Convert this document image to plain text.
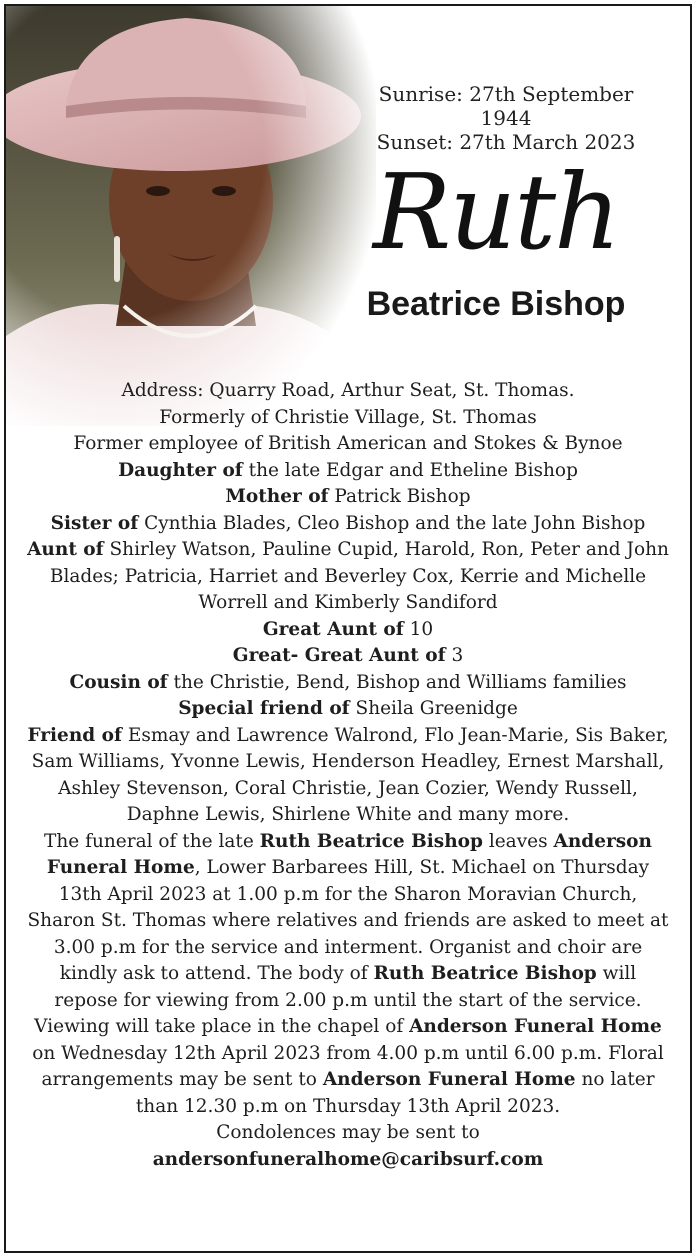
Sunrise: 27th September 1944
Sunset: 27th March 2023
Ruth
Beatrice Bishop

Address: Quarry Road, Arthur Seat, St. Thomas.

Formerly of Christie Village, St. Thomas

Former employee of British American and Stokes & Bynoe

Daughter of the late Edgar and Etheline Bishop

Mother of Patrick Bishop

Sister of Cynthia Blades, Cleo Bishop and the late John Bishop

Aunt of Shirley Watson, Pauline Cupid, Harold, Ron, Peter and John Blades; Patricia, Harriet and Beverley Cox, Kerrie and Michelle Worrell and Kimberly Sandiford

Great Aunt of 10

Great- Great Aunt of 3

Cousin of the Christie, Bend, Bishop and Williams families

Special friend of Sheila Greenidge

Friend of Esmay and Lawrence Walrond, Flo Jean-Marie, Sis Baker, Sam Williams, Yvonne Lewis, Henderson Headley, Ernest Marshall, Ashley Stevenson, Coral Christie, Jean Cozier, Wendy Russell, Daphne Lewis, Shirlene White and many more.

The funeral of the late Ruth Beatrice Bishop leaves Anderson Funeral Home, Lower Barbarees Hill, St. Michael on Thursday 13th April 2023 at 1.00 p.m for the Sharon Moravian Church, Sharon St. Thomas where relatives and friends are asked to meet at 3.00 p.m for the service and interment. Organist and choir are kindly ask to attend. The body of Ruth Beatrice Bishop will repose for viewing from 2.00 p.m until the start of the service. Viewing will take place in the chapel of Anderson Funeral Home on Wednesday 12th April 2023 from 4.00 p.m until 6.00 p.m. Floral arrangements may be sent to Anderson Funeral Home no later than 12.30 p.m on Thursday 13th April 2023.

Condolences may be sent to

andersonfuneralhome@caribsurf.com
